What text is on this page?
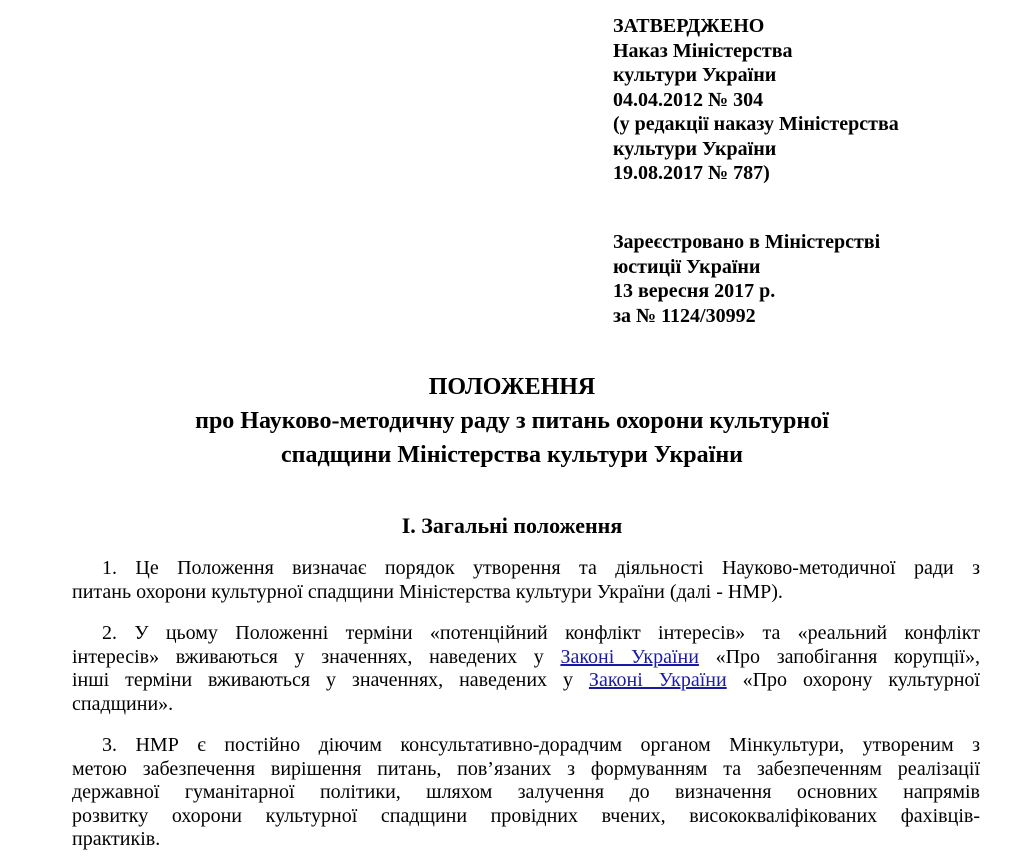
ЗАТВЕРДЖЕНО
Наказ Міністерства
культури України
04.04.2012 № 304
(у редакції наказу Міністерства
культури України
19.08.2017 № 787)
Зареєстровано в Міністерстві
юстиції України
13 вересня 2017 р.
за № 1124/30992
ПОЛОЖЕННЯ
про Науково-методичну раду з питань охорони культурної
спадщини Міністерства культури України
I. Загальні положення
1. Це Положення визначає порядок утворення та діяльності Науково-методичної ради з
питань охорони культурної спадщини Міністерства культури України (далі - НМР).
2. У цьому Положенні терміни «потенційний конфлікт інтересів» та «реальний конфлікт
інтересів» вживаються у значеннях, наведених у Законі України «Про запобігання корупції»,
інші терміни вживаються у значеннях, наведених у Законі України «Про охорону культурної
спадщини».
3. НМР є постійно діючим консультативно-дорадчим органом Мінкультури, утвореним з
метою забезпечення вирішення питань, пов’язаних з формуванням та забезпеченням реалізації
державної гуманітарної політики, шляхом залучення до визначення основних напрямів
розвитку охорони культурної спадщини провідних вчених, висококваліфікованих фахівців-
практиків.
